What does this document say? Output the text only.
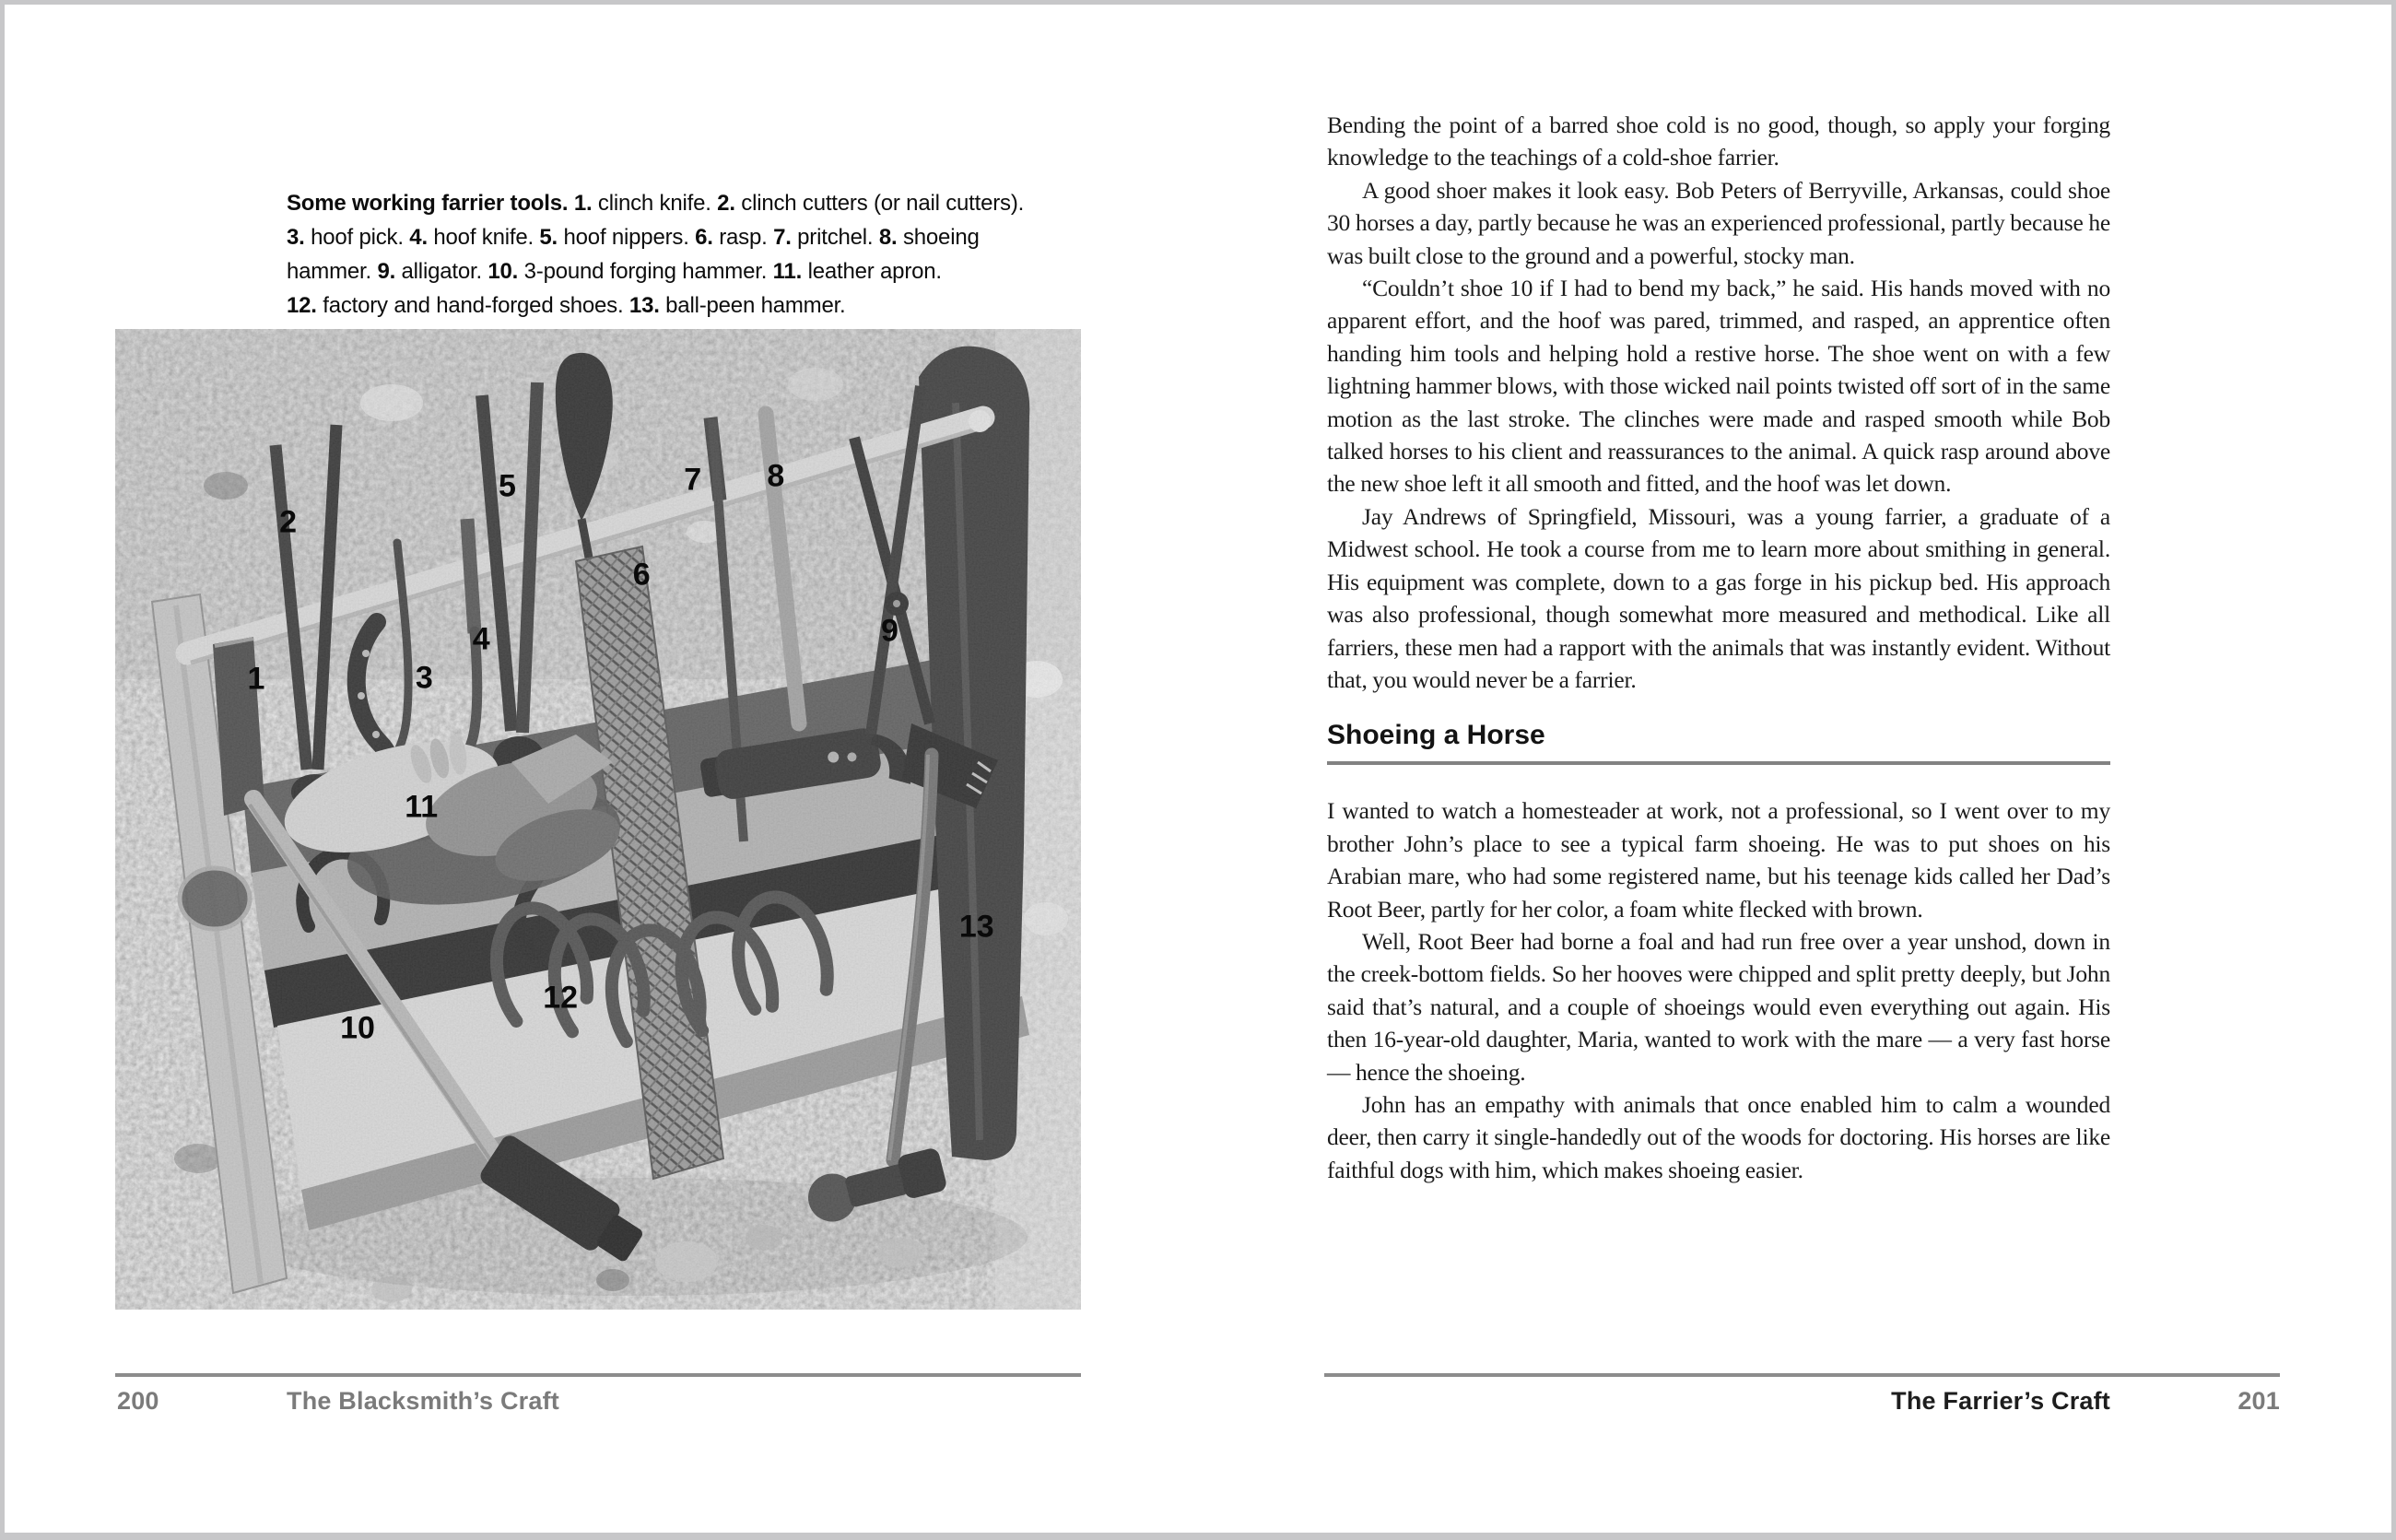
Some working farrier tools. 1. clinch knife. 2. clinch cutters (or nail cutters).
3. hoof pick. 4. hoof knife. 5. hoof nippers. 6. rasp. 7. pritchel. 8. shoeing
hammer. 9. alligator. 10. 3-pound forging hammer. 11. leather apron.
12. factory and hand-forged shoes. 13. ball-peen hammer.
1
2
3
4
5
6
7 8
9
10
11
12
13
200	The Blacksmith’s Craft

Bending the point of a barred shoe cold is no good, though, so apply your forging knowledge to the teachings of a cold-shoe farrier.

A good shoer makes it look easy. Bob Peters of Berryville, Arkansas, could shoe 30 horses a day, partly because he was an experienced professional, partly because he was built close to the ground and a powerful, stocky man.

“Couldn’t shoe 10 if I had to bend my back,” he said. His hands moved with no apparent effort, and the hoof was pared, trimmed, and rasped, an apprentice often handing him tools and helping hold a restive horse. The shoe went on with a few lightning hammer blows, with those wicked nail points twisted off sort of in the same motion as the last stroke. The clinches were made and rasped smooth while Bob talked horses to his client and reassurances to the animal. A quick rasp around above the new shoe left it all smooth and fitted, and the hoof was let down.

Jay Andrews of Springfield, Missouri, was a young farrier, a graduate of a Midwest school. He took a course from me to learn more about smithing in general. His equipment was complete, down to a gas forge in his pickup bed. His approach was also professional, though somewhat more measured and methodical. Like all farriers, these men had a rapport with the animals that was instantly evident. Without that, you would never be a farrier.

Shoeing a Horse

I wanted to watch a homesteader at work, not a professional, so I went over to my brother John’s place to see a typical farm shoeing. He was to put shoes on his Arabian mare, who had some registered name, but his teenage kids called her Dad’s Root Beer, partly for her color, a foam white flecked with brown.

Well, Root Beer had borne a foal and had run free over a year unshod, down in the creek-bottom fields. So her hooves were chipped and split pretty deeply, but John said that’s natural, and a couple of shoeings would even everything out again. His then 16-year-old daughter, Maria, wanted to work with the mare — a very fast horse — hence the shoeing.

John has an empathy with animals that once enabled him to calm a wounded deer, then carry it single-handedly out of the woods for doctoring. His horses are like faithful dogs with him, which makes shoeing easier.

The Farrier’s Craft	201
